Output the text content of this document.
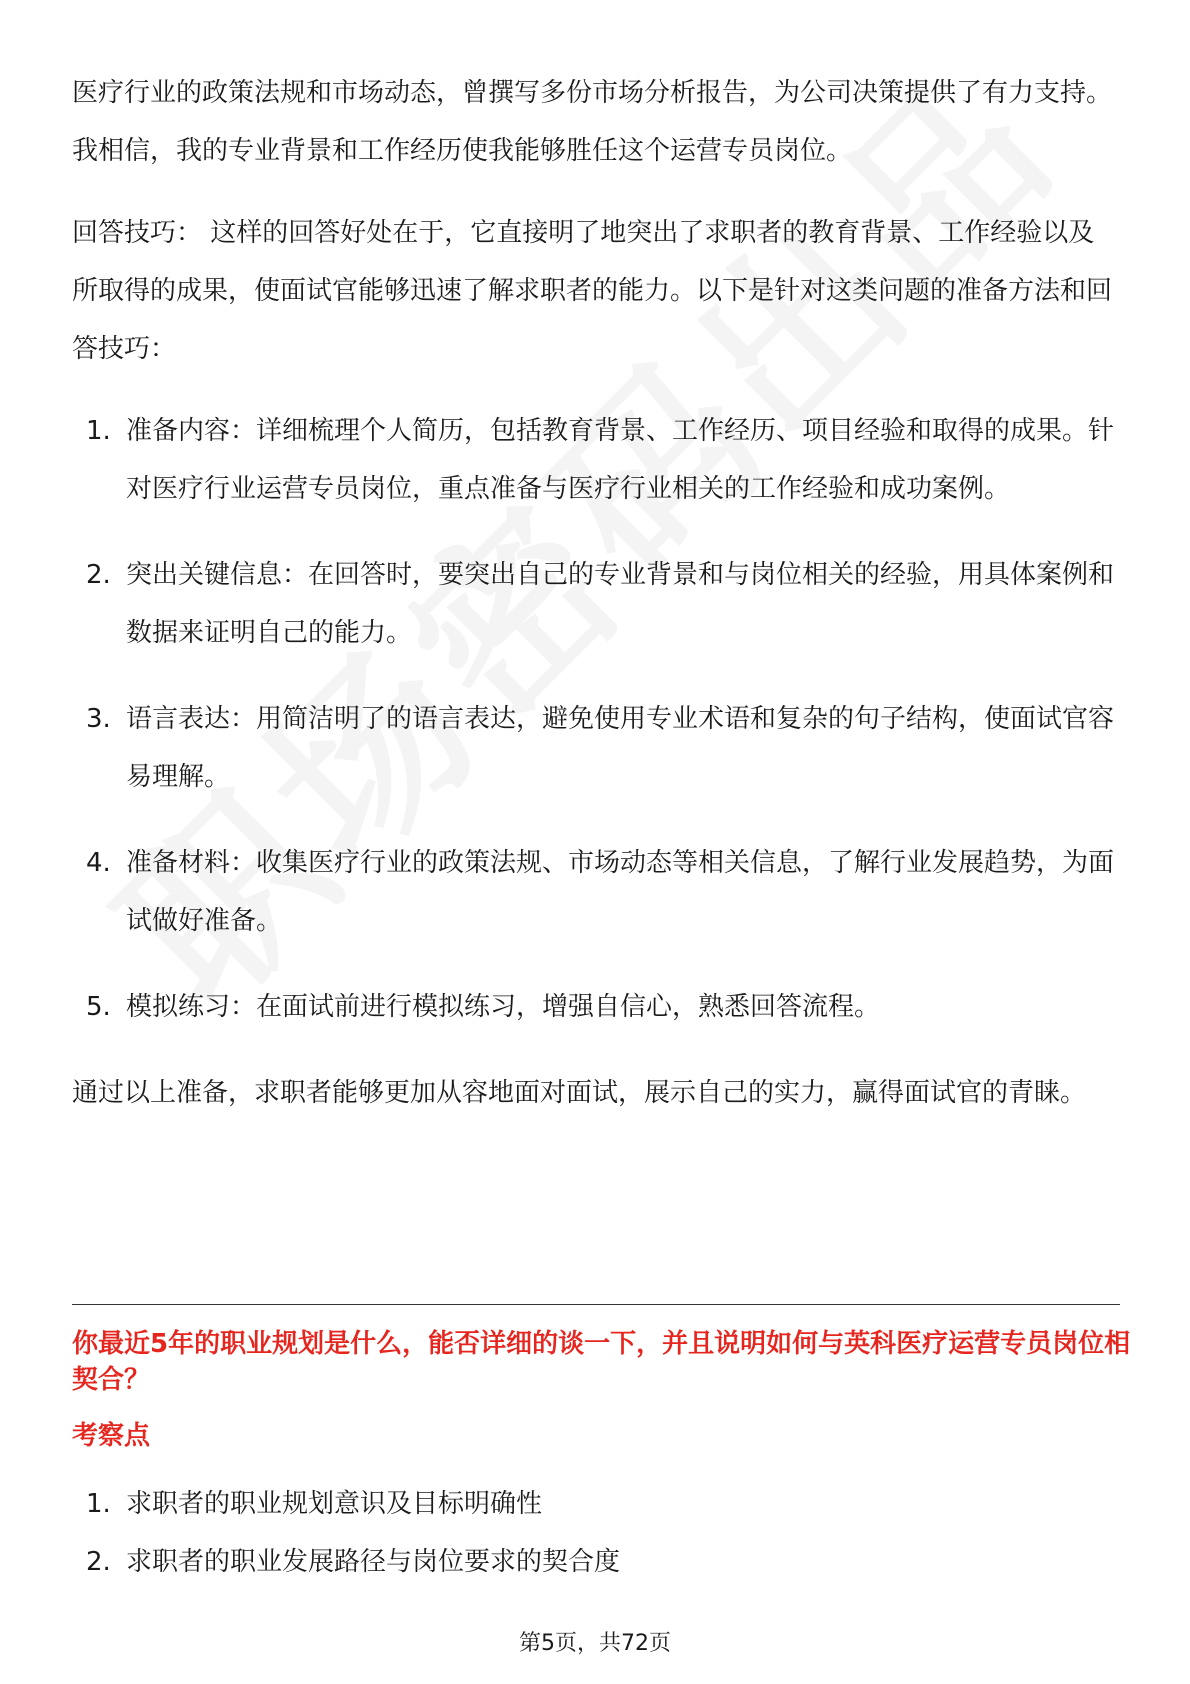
医疗行业的政策法规和市场动态，曾撰写多份市场分析报告，为公司决策提供了有力支持。我相信，我的专业背景和工作经历使我能够胜任这个运营专员岗位。

回答技巧： 这样的回答好处在于，它直接明了地突出了求职者的教育背景、工作经验以及所取得的成果，使面试官能够迅速了解求职者的能力。以下是针对这类问题的准备方法和回答技巧：

1. 准备内容：详细梳理个人简历，包括教育背景、工作经历、项目经验和取得的成果。针对医疗行业运营专员岗位，重点准备与医疗行业相关的工作经验和成功案例。
2. 突出关键信息：在回答时，要突出自己的专业背景和与岗位相关的经验，用具体案例和数据来证明自己的能力。
3. 语言表达：用简洁明了的语言表达，避免使用专业术语和复杂的句子结构，使面试官容易理解。
4. 准备材料：收集医疗行业的政策法规、市场动态等相关信息，了解行业发展趋势，为面试做好准备。
5. 模拟练习：在面试前进行模拟练习，增强自信心，熟悉回答流程。

通过以上准备，求职者能够更加从容地面对面试，展示自己的实力，赢得面试官的青睐。

你最近5年的职业规划是什么，能否详细的谈一下，并且说明如何与英科医疗运营专员岗位相契合？
考察点
1. 求职者的职业规划意识及目标明确性
2. 求职者的职业发展路径与岗位要求的契合度
第5页，共72页
